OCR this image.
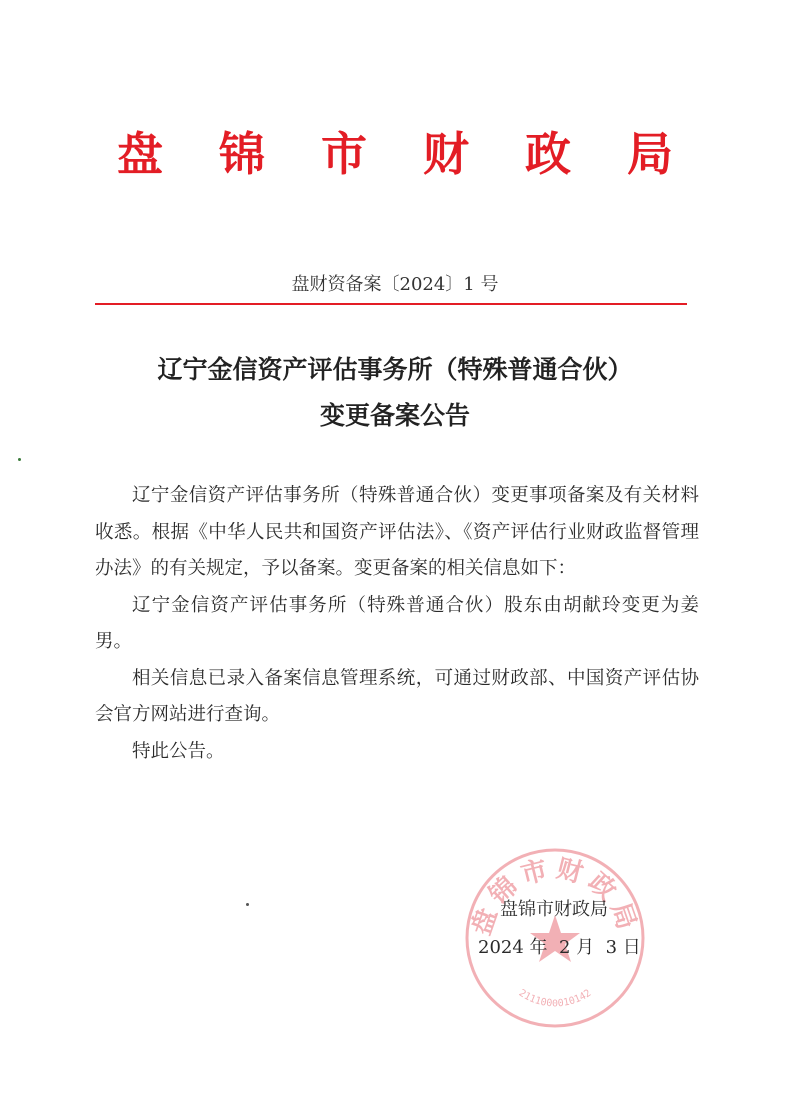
盘 锦 市 财 政 局
盘财资备案〔2024〕1 号
辽宁金信资产评估事务所（特殊普通合伙）
变更备案公告

辽宁金信资产评估事务所（特殊普通合伙）变更事项备案及有关材料收悉。根据《中华人民共和国资产评估法》、《资产评估行业财政监督管理办法》的有关规定，予以备案。变更备案的相关信息如下：

辽宁金信资产评估事务所（特殊普通合伙）股东由胡献玲变更为姜男。

相关信息已录入备案信息管理系统，可通过财政部、中国资产评估协会官方网站进行查询。

特此公告。

盘锦市财政局
2111000010142
盘锦市财政局
2024 年  2 月  3 日
